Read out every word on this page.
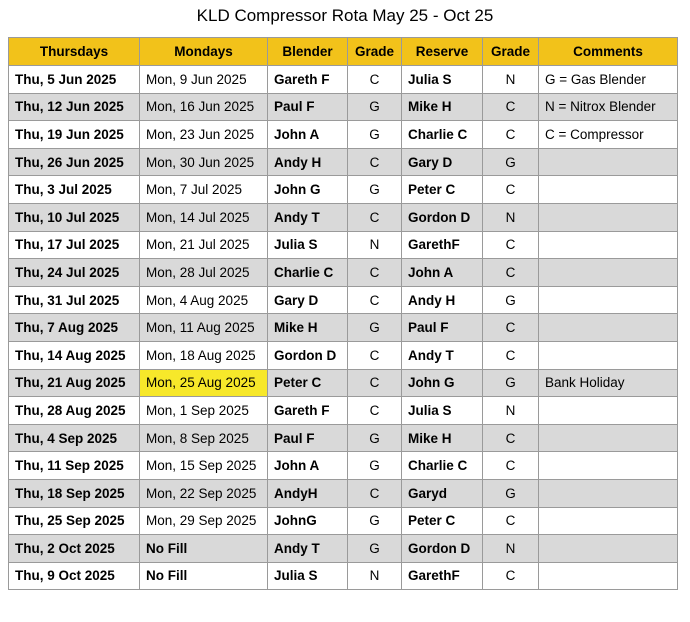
KLD Compressor Rota May 25 - Oct 25
Thursdays	Mondays	Blender	Grade	Reserve	Grade	Comments
Thu, 5 Jun 2025	Mon, 9 Jun 2025	Gareth F	C	Julia S	N	G = Gas Blender
Thu, 12 Jun 2025	Mon, 16 Jun 2025	Paul F	G	Mike H	C	N = Nitrox Blender
Thu, 19 Jun 2025	Mon, 23 Jun 2025	John A	G	Charlie C	C	C = Compressor
Thu, 26 Jun 2025	Mon, 30 Jun 2025	Andy H	C	Gary D	G	
Thu, 3 Jul 2025	Mon, 7 Jul 2025	John G	G	Peter C	C	
Thu, 10 Jul 2025	Mon, 14 Jul 2025	Andy T	C	Gordon D	N	
Thu, 17 Jul 2025	Mon, 21 Jul 2025	Julia S	N	GarethF	C	
Thu, 24 Jul 2025	Mon, 28 Jul 2025	Charlie C	C	John A	C	
Thu, 31 Jul 2025	Mon, 4 Aug 2025	Gary D	C	Andy H	G	
Thu, 7 Aug 2025	Mon, 11 Aug 2025	Mike H	G	Paul F	C	
Thu, 14 Aug 2025	Mon, 18 Aug 2025	Gordon D	C	Andy T	C	
Thu, 21 Aug 2025	Mon, 25 Aug 2025	Peter C	C	John G	G	Bank Holiday
Thu, 28 Aug 2025	Mon, 1 Sep 2025	Gareth F	C	Julia S	N	
Thu, 4 Sep 2025	Mon, 8 Sep 2025	Paul F	G	Mike H	C	
Thu, 11 Sep 2025	Mon, 15 Sep 2025	John A	G	Charlie C	C	
Thu, 18 Sep 2025	Mon, 22 Sep 2025	AndyH	C	Garyd	G	
Thu, 25 Sep 2025	Mon, 29 Sep 2025	JohnG	G	Peter C	C	
Thu, 2 Oct 2025	No Fill	Andy T	G	Gordon D	N	
Thu, 9 Oct 2025	No Fill	Julia S	N	GarethF	C	
